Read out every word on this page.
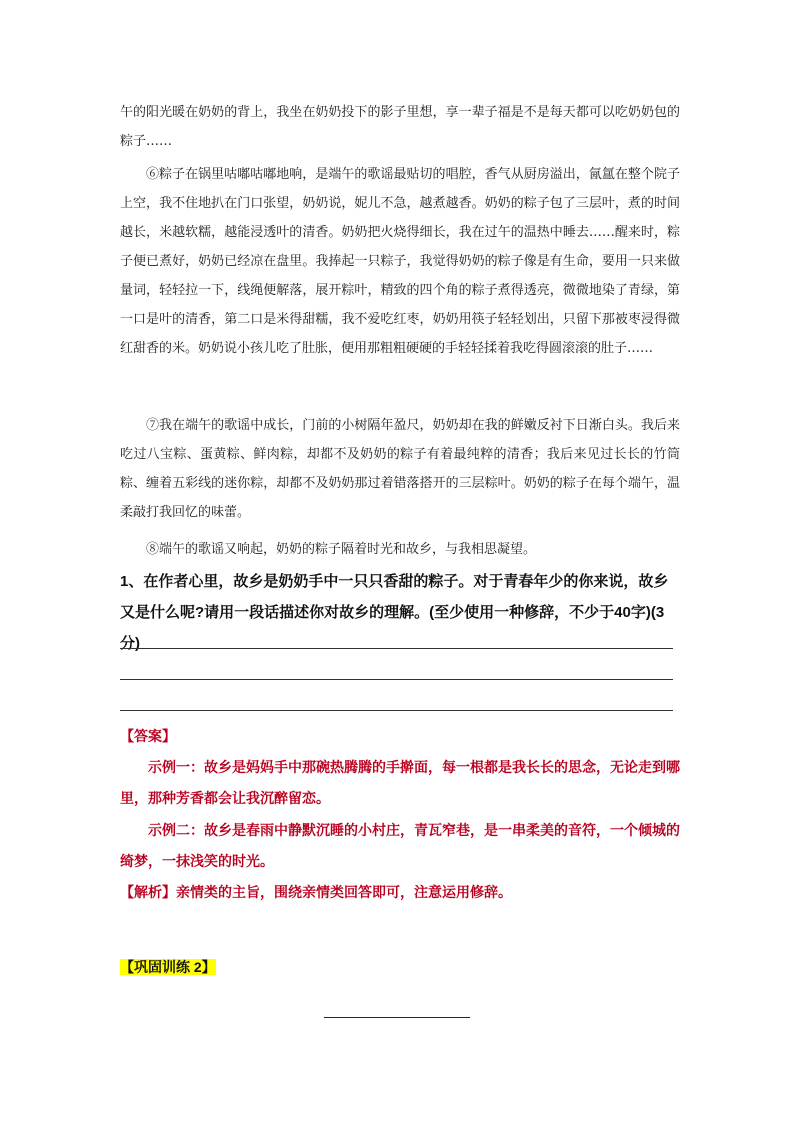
午的阳光暖在奶奶的背上，我坐在奶奶投下的影子里想，享一辈子福是不是每天都可以吃奶奶包的粽子……
⑥粽子在锅里咕嘟咕嘟地响，是端午的歌谣最贴切的唱腔，香气从厨房溢出，氤氲在整个院子上空，我不住地扒在门口张望，奶奶说，妮儿不急，越煮越香。奶奶的粽子包了三层叶，煮的时间越长，米越软糯，越能浸透叶的清香。奶奶把火烧得细长，我在过午的温热中睡去……醒来时，粽子便已煮好，奶奶已经凉在盘里。我捧起一只粽子，我觉得奶奶的粽子像是有生命，要用一只来做量词，轻轻拉一下，线绳便解落，展开粽叶，精致的四个角的粽子煮得透亮，微微地染了青绿，第一口是叶的清香，第二口是米得甜糯，我不爱吃红枣，奶奶用筷子轻轻划出，只留下那被枣浸得微红甜香的米。奶奶说小孩儿吃了肚胀，便用那粗粗硬硬的手轻轻揉着我吃得圆滚滚的肚子……
⑦我在端午的歌谣中成长，门前的小树隔年盈尺，奶奶却在我的鲜嫩反衬下日渐白头。我后来吃过八宝粽、蛋黄粽、鲜肉粽，却都不及奶奶的粽子有着最纯粹的清香；我后来见过长长的竹筒粽、缠着五彩线的迷你粽，却都不及奶奶那过着错落搭开的三层粽叶。奶奶的粽子在每个端午，温柔敲打我回忆的味蕾。
⑧端午的歌谣又响起，奶奶的粽子隔着时光和故乡，与我相思凝望。
1、在作者心里，故乡是奶奶手中一只只香甜的粽子。对于青春年少的你来说，故乡又是什么呢?请用一段话描述你对故乡的理解。(至少使用一种修辞，不少于40字)(3分)
【答案】
示例一：故乡是妈妈手中那碗热腾腾的手擀面，每一根都是我长长的思念，无论走到哪里，那种芳香都会让我沉醉留恋。
示例二：故乡是春雨中静默沉睡的小村庄，青瓦窄巷，是一串柔美的音符，一个倾城的绮梦，一抹浅笑的时光。
【解析】亲情类的主旨，围绕亲情类回答即可，注意运用修辞。
【巩固训练 2】
